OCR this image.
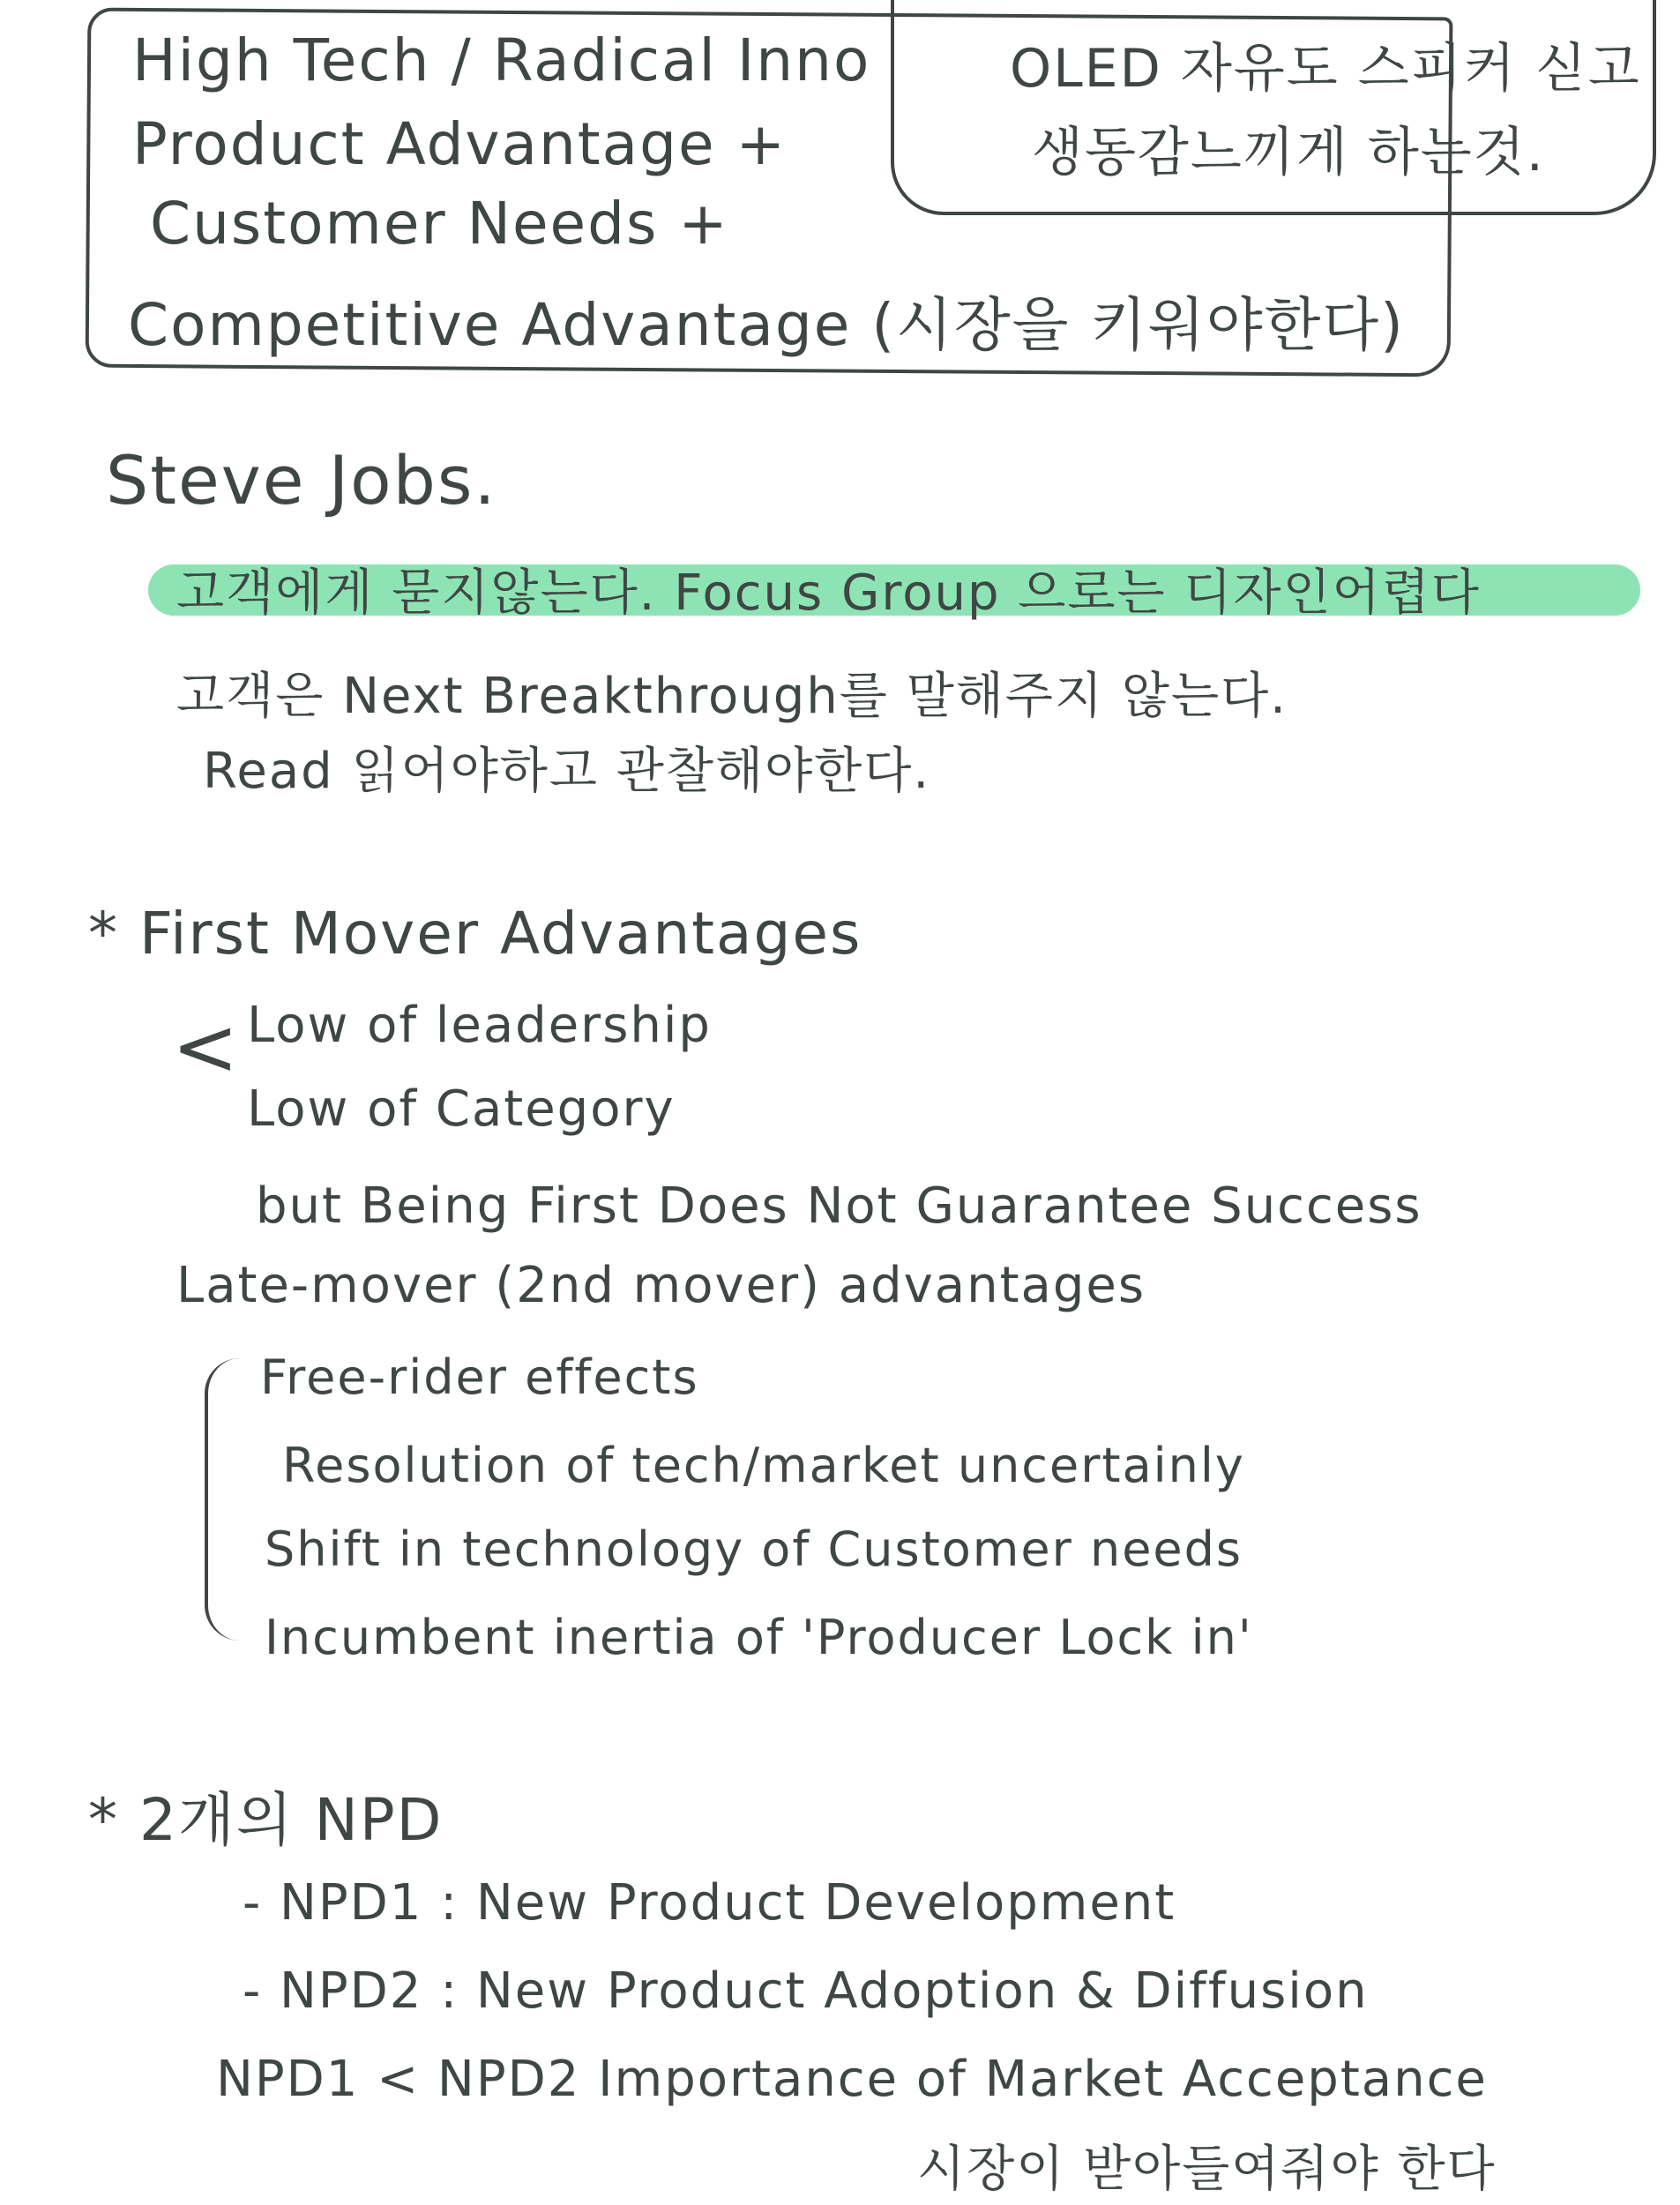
High Tech / Radical Inno
Product Advantage +
Customer Needs +
Competitive Advantage (시장을 키워야한다)
OLED 자유도 스피커 싣고
생동감느끼게 하는것.
Steve Jobs.
고객에게 묻지않는다. Focus Group 으로는 디자인어렵다
고객은 Next Breakthrough를 말해주지 않는다.
Read 읽어야하고 관찰해야한다.
* First Mover Advantages
< Low of leadership
Low of Category
but Being First Does Not Guarantee Success
Late-mover (2nd mover) advantages
Free-rider effects
Resolution of tech/market uncertainly
Shift in technology of Customer needs
Incumbent inertia of 'Producer Lock in'
* 2개의 NPD
- NPD1 : New Product Development
- NPD2 : New Product Adoption & Diffusion
NPD1 < NPD2 Importance of Market Acceptance
시장이 받아들여줘야 한다
